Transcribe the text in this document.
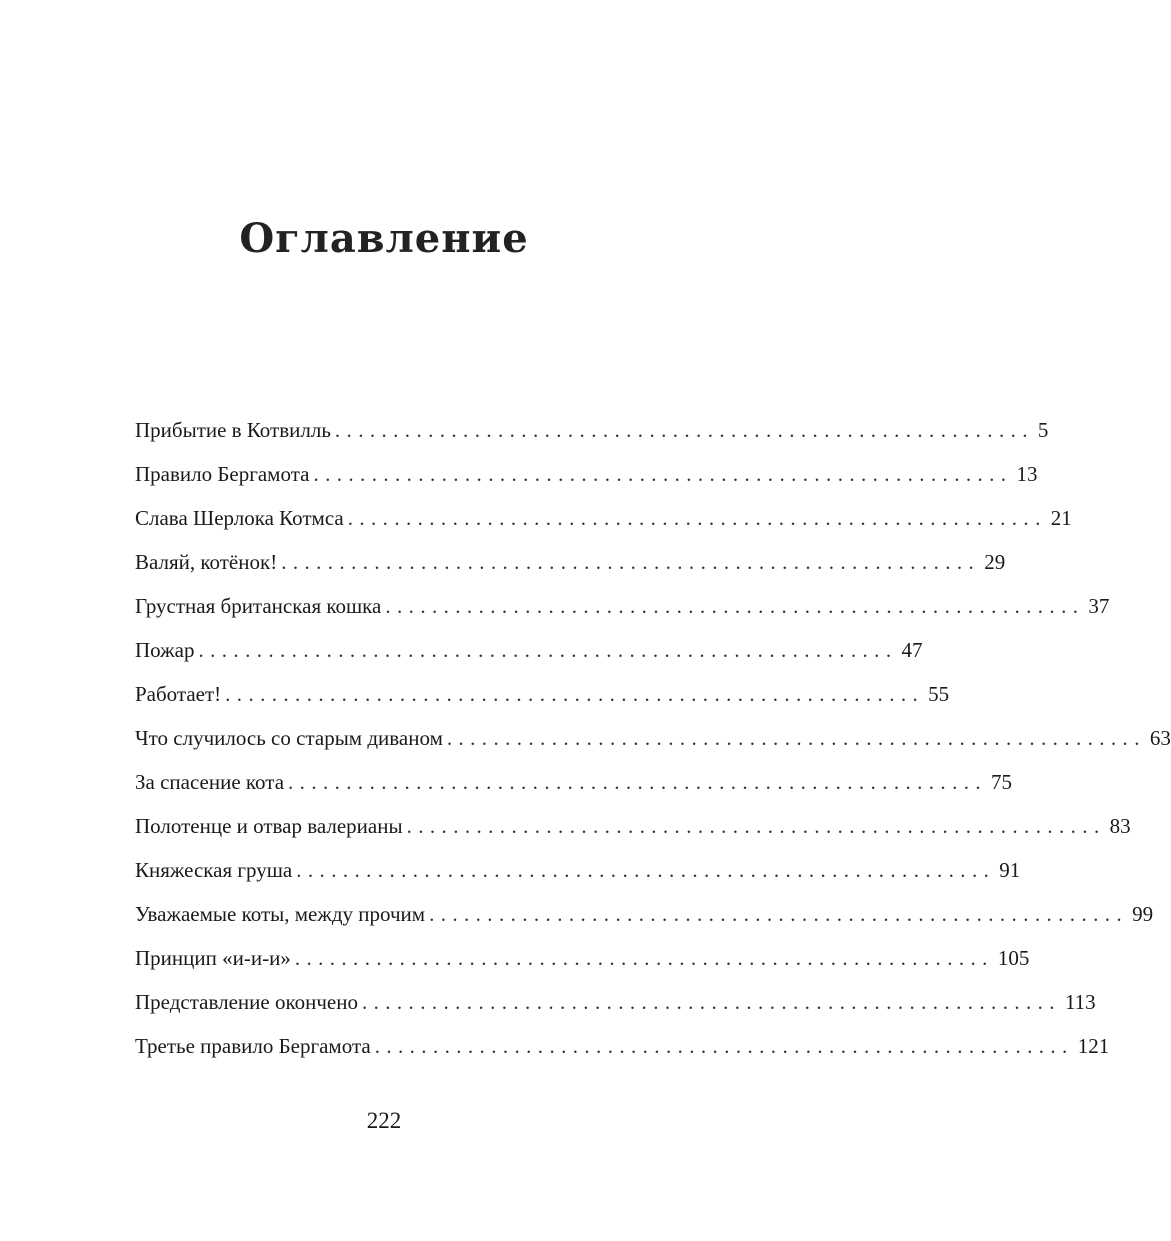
Оглавление
Прибытие в Котвилль ............................................................ 5
Правило Бергамота ............................................................ 13
Слава Шерлока Котмса ............................................................ 21
Валяй, котёнок! ............................................................ 29
Грустная британская кошка ............................................................ 37
Пожар ............................................................ 47
Работает! ............................................................ 55
Что случилось со старым диваном ............................................................ 63
За спасение кота ............................................................ 75
Полотенце и отвар валерианы ............................................................ 83
Княжеская груша ............................................................ 91
Уважаемые коты, между прочим ............................................................ 99
Принцип «и-и-и» ............................................................ 105
Представление окончено ............................................................ 113
Третье правило Бергамота ............................................................ 121
222
